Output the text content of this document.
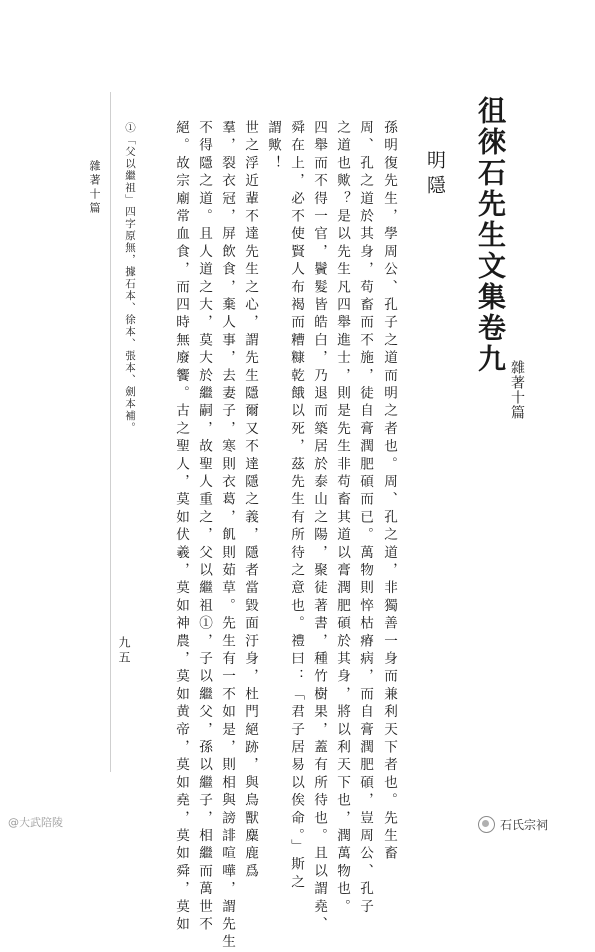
徂徠石先生文集卷九
雜著十篇
明隱
孫明復先生，學周公、孔子之道而明之者也。周、孔之道，非獨善一身而兼利天下者也。先生畜
周、孔之道於其身，苟畜而不施，徒自膏潤肥碩而已。萬物則悴枯瘠病，而自膏潤肥碩，豈周公、孔子
之道也歟？是以先生凡四舉進士，則是先生非苟畜其道以膏潤肥碩於其身，將以利天下也，潤萬物也。
四舉而不得一官，鬢髮皆皓白，乃退而築居於泰山之陽，聚徒著書，種竹樹果，蓋有所待也。且以謂堯、
舜在上，必不使賢人布褐而糟糠乾餓以死，茲先生有所待之意也。禮曰：「君子居易以俟命。」斯之
謂歟！
世之浮近輩不達先生之心，謂先生隱爾又不達隱之義，隱者當毀面汙身，杜門絕跡，與鳥獸麋鹿爲
羣，裂衣冠，屏飲食，棄人事，去妻子，寒則衣葛，飢則茹草。先生有一不如是，則相與謗誹喧嘩，謂先生
不得隱之道。且人道之大，莫大於繼嗣，故聖人重之，父以繼祖①，子以繼父，孫以繼子，相繼而萬世不
絕。故宗廟常血食，而四時無廢饗。古之聖人，莫如伏羲，莫如神農，莫如黄帝，莫如堯，莫如舜，莫如
①「父以繼祖」四字原無，據石本、徐本、張本、劍本補。
雜著十篇
九五
@大武陪陵	石氏宗祠
